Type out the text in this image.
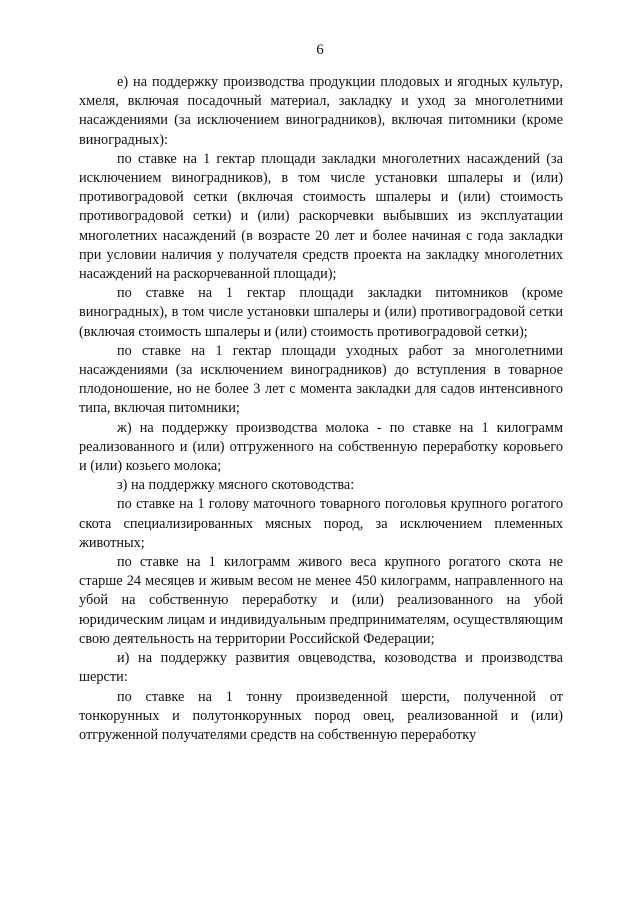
6

е) на поддержку производства продукции плодовых и ягодных культур, хмеля, включая посадочный материал, закладку и уход за многолетними насаждениями (за исключением виноградников), включая питомники (кроме виноградных):

по ставке на 1 гектар площади закладки многолетних насаждений (за исключением виноградников), в том числе установки шпалеры и (или) противоградовой сетки (включая стоимость шпалеры и (или) стоимость противоградовой сетки) и (или) раскорчевки выбывших из эксплуатации многолетних насаждений (в возрасте 20 лет и более начиная с года закладки при условии наличия у получателя средств проекта на закладку многолетних насаждений на раскорчеванной площади);

по ставке на 1 гектар площади закладки питомников (кроме виноградных), в том числе установки шпалеры и (или) противоградовой сетки (включая стоимость шпалеры и (или) стоимость противоградовой сетки);

по ставке на 1 гектар площади уходных работ за многолетними насаждениями (за исключением виноградников) до вступления в товарное плодоношение, но не более 3 лет с момента закладки для садов интенсивного типа, включая питомники;

ж) на поддержку производства молока - по ставке на 1 килограмм реализованного и (или) отгруженного на собственную переработку коровьего и (или) козьего молока;

з) на поддержку мясного скотоводства:

по ставке на 1 голову маточного товарного поголовья крупного рогатого скота специализированных мясных пород, за исключением племенных животных;

по ставке на 1 килограмм живого веса крупного рогатого скота не старше 24 месяцев и живым весом не менее 450 килограмм, направленного на убой на собственную переработку и (или) реализованного на убой юридическим лицам и индивидуальным предпринимателям, осуществляющим свою деятельность на территории Российской Федерации;

и) на поддержку развития овцеводства, козоводства и производства шерсти:

по ставке на 1 тонну произведенной шерсти, полученной от тонкорунных и полутонкорунных пород овец, реализованной и (или) отгруженной получателями средств на собственную переработку
